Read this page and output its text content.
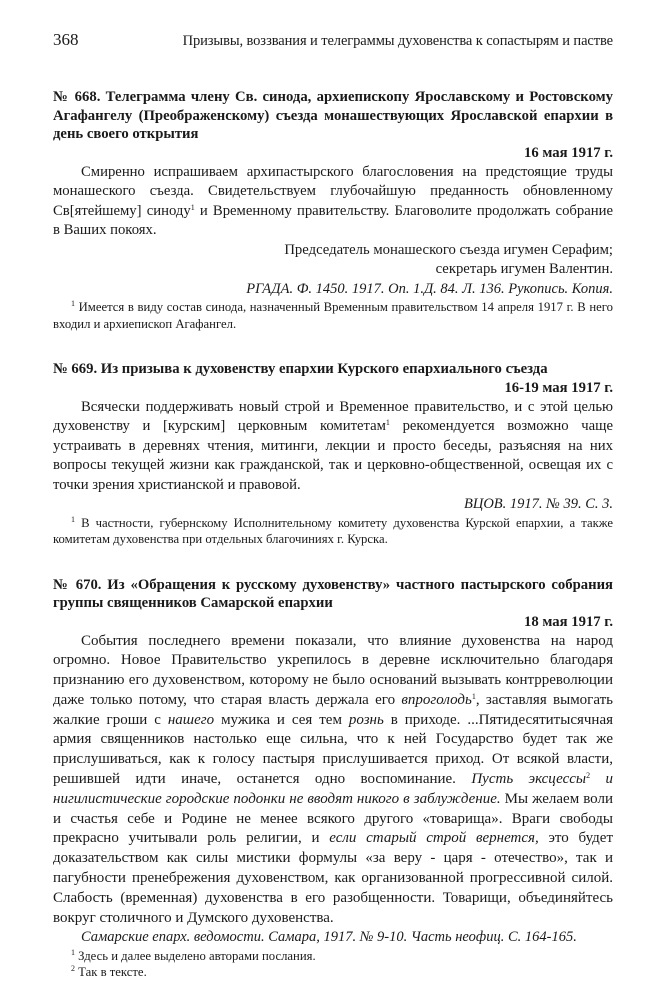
368	Призывы, воззвания и телеграммы духовенства к сопастырям и пастве
№ 668. Телеграмма члену Св. синода, архиепископу Ярославскому и Ростовскому Агафангелу (Преображенскому) съезда монашествующих Ярославской епархии в день своего открытия
16 мая 1917 г.

Смиренно испрашиваем архипастырского благословения на предстоящие труды монашеского съезда. Свидетельствуем глубочайшую преданность обновленному Св[ятейшему] синоду$^1$ и Временному правительству. Благоволите продолжать собрание в Ваших покоях.

Председатель монашеского съезда игумен Серафим;

секретарь игумен Валентин.

РГАДА. Ф. 1450. 1917. Оп. 1.Д. 84. Л. 136. Рукопись. Копия.

$^1$ Имеется в виду состав синода, назначенный Временным правительством 14 апреля 1917 г. В него входил и архиепископ Агафангел.

№ 669. Из призыва к духовенству епархии Курского епархиального съезда
16-19 мая 1917 г.

Всячески поддерживать новый строй и Временное правительство, и с этой целью духовенству и [курским] церковным комитетам$^1$ рекомендуется возможно чаще устраивать в деревнях чтения, митинги, лекции и просто беседы, разъясняя на них вопросы текущей жизни как гражданской, так и церковно-общественной, освещая их с точки зрения христианской и правовой.

ВЦОВ. 1917. № 39. С. 3.

$^1$ В частности, губернскому Исполнительному комитету духовенства Курской епархии, а также комитетам духовенства при отдельных благочиниях г. Курска.

№ 670. Из «Обращения к русскому духовенству» частного пастырского собрания группы священников Самарской епархии
18 мая 1917 г.

События последнего времени показали, что влияние духовенства на народ огромно. Новое Правительство укрепилось в деревне исключительно благодаря признанию его духовенством, которому не было оснований вызывать контрреволюции даже только потому, что старая власть держала его впроголодь$^1$, заставляя вымогать жалкие гроши с нашего мужика и сея тем рознь в приходе. ...Пятидесятитысячная армия священников настолько еще сильна, что к ней Государство будет так же прислушиваться, как к голосу пастыря прислушивается приход. От всякой власти, решившей идти иначе, останется одно воспоминание. Пусть эксцессы$^2$ и нигилистические городские подонки не вводят никого в заблуждение. Мы желаем воли и счастья себе и Родине не менее всякого другого «товарища». Враги свободы прекрасно учитывали роль религии, и если старый строй вернется, это будет доказательством как силы мистики формулы «за веру - царя - отечество», так и пагубности пренебрежения духовенством, как организованной прогрессивной силой. Слабость (временная) духовенства в его разобщенности. Товарищи, объединяйтесь вокруг столичного и Думского духовенства.

Самарские епарх. ведомости. Самара, 1917. № 9-10. Часть неофиц. С. 164-165.

$^1$ Здесь и далее выделено авторами послания.

$^2$ Так в тексте.
